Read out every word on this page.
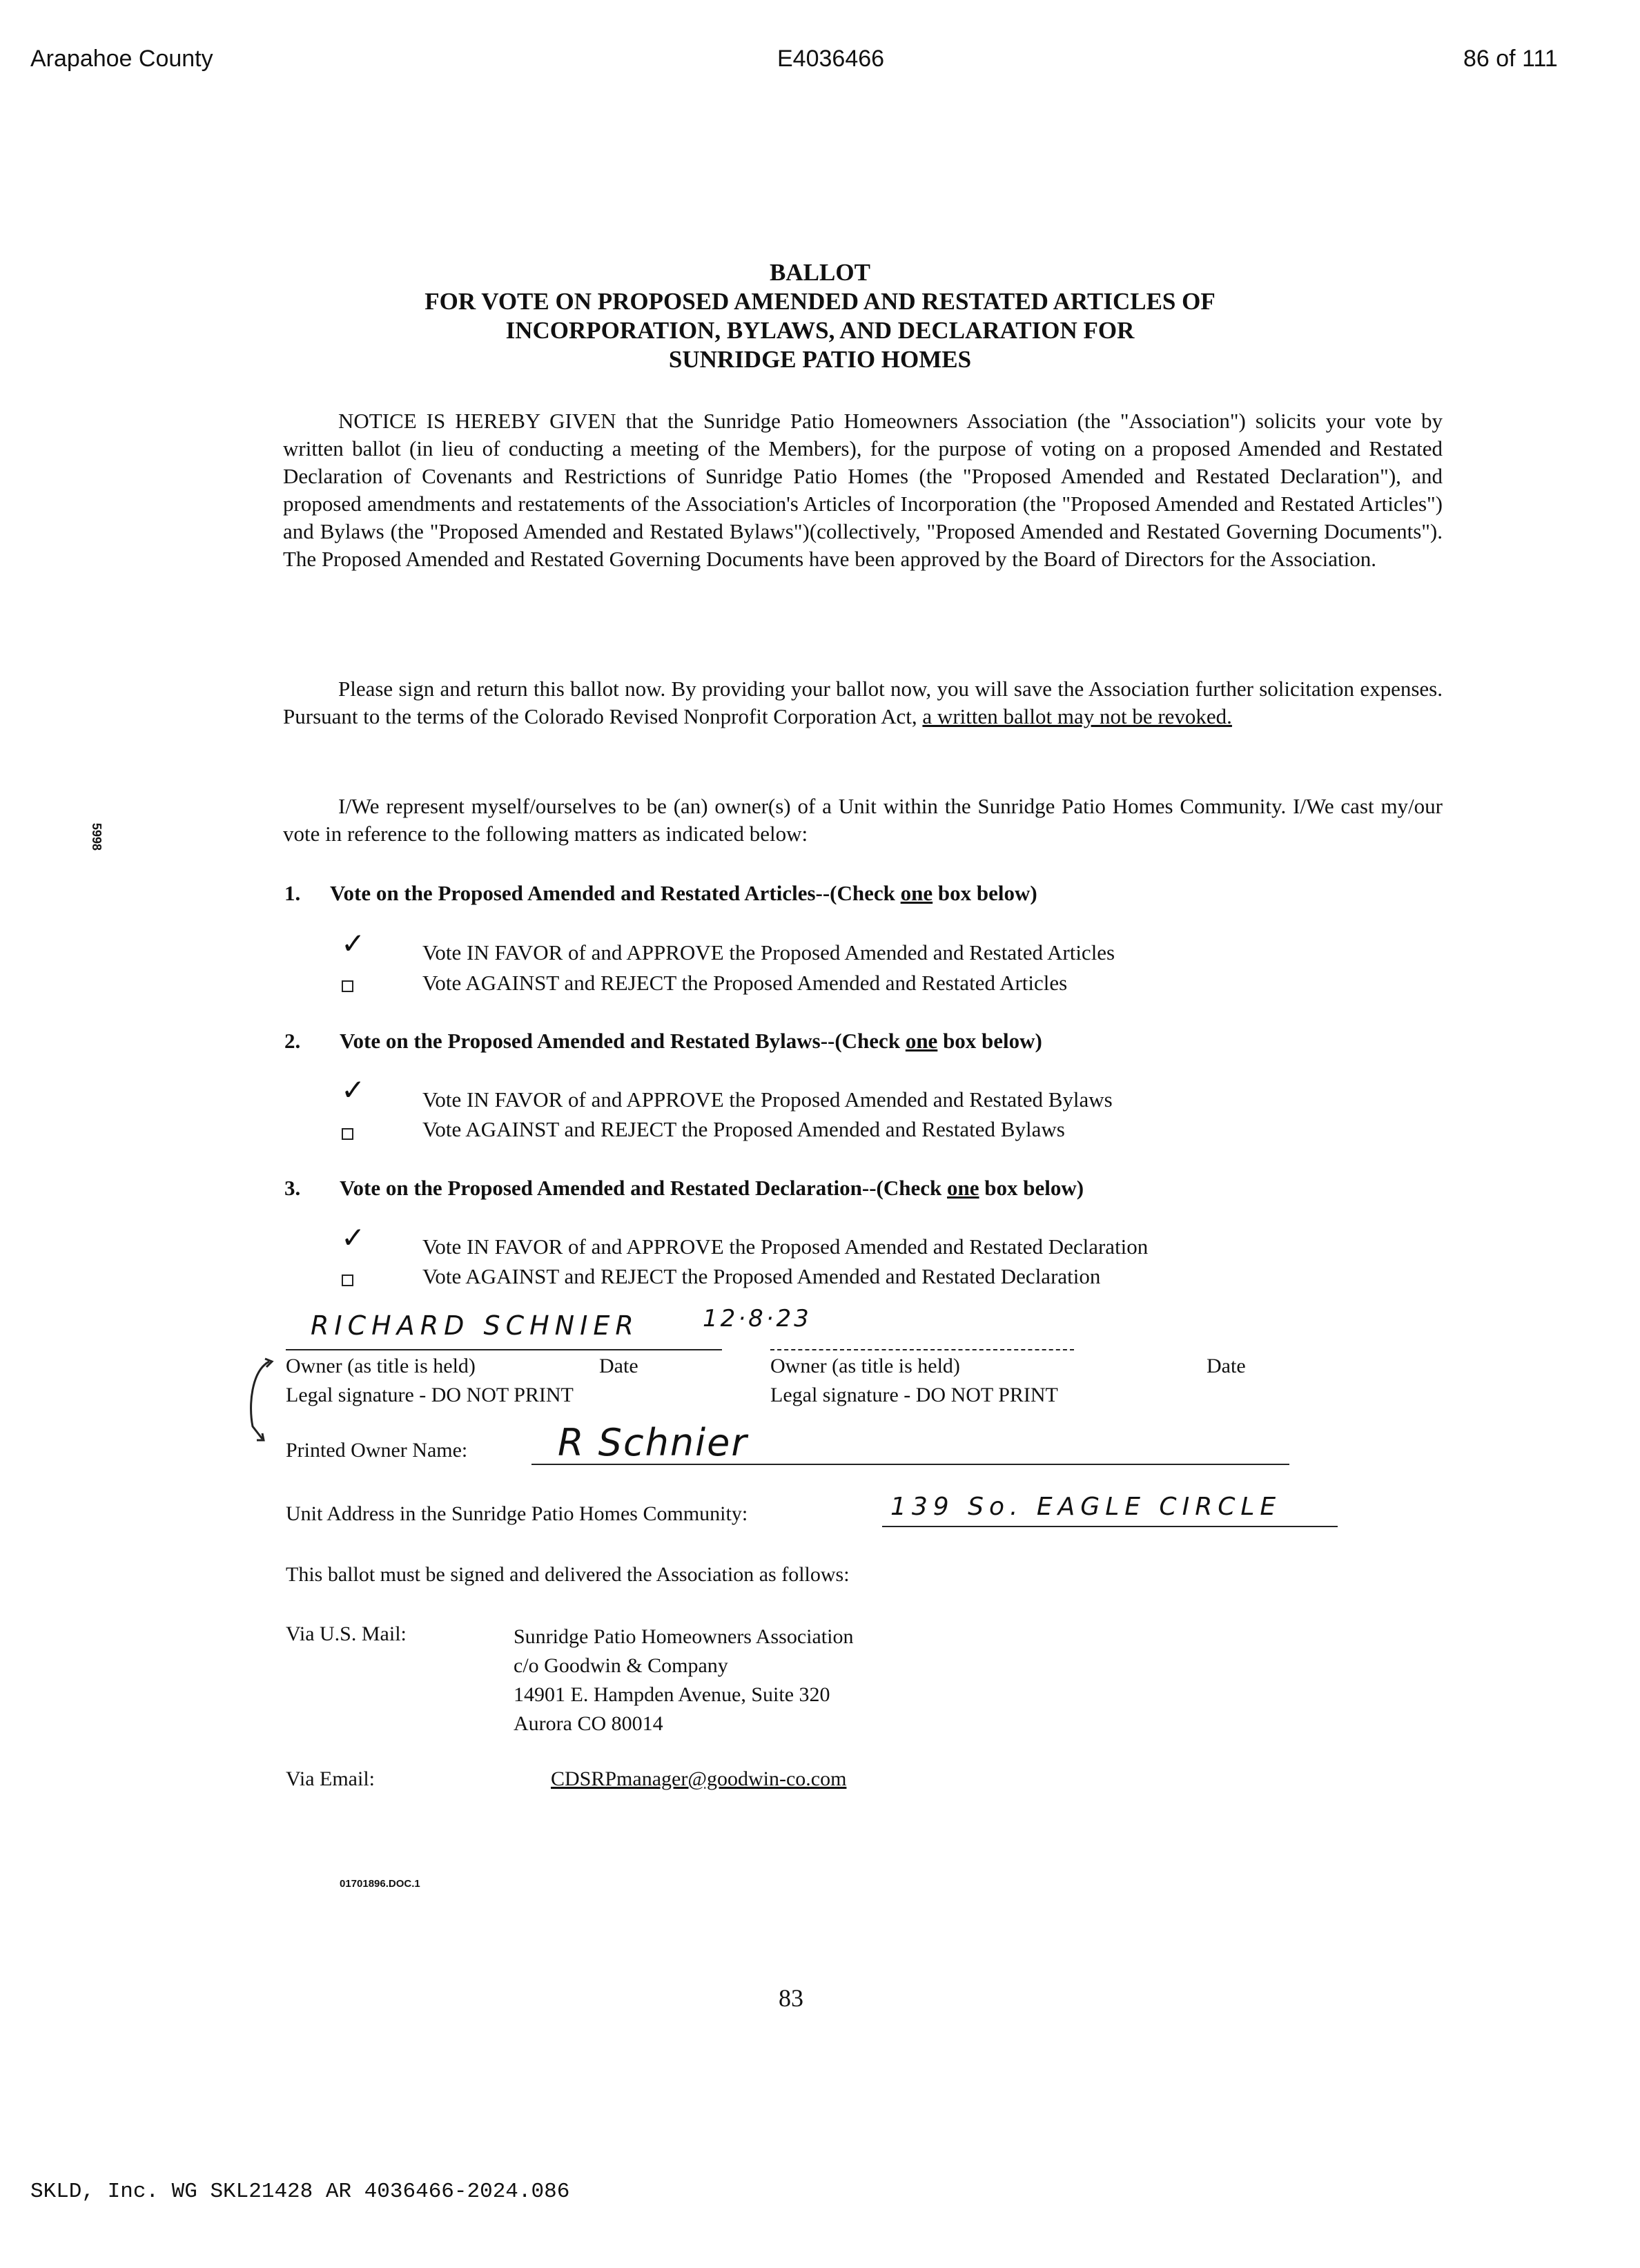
Arapahoe County	E4036466	86 of 111
BALLOT
FOR VOTE ON PROPOSED AMENDED AND RESTATED ARTICLES OF
INCORPORATION, BYLAWS, AND DECLARATION FOR
SUNRIDGE PATIO HOMES
NOTICE IS HEREBY GIVEN that the Sunridge Patio Homeowners Association (the "Association") solicits your vote by written ballot (in lieu of conducting a meeting of the Members), for the purpose of voting on a proposed Amended and Restated Declaration of Covenants and Restrictions of Sunridge Patio Homes (the "Proposed Amended and Restated Declaration"), and proposed amendments and restatements of the Association's Articles of Incorporation (the "Proposed Amended and Restated Articles") and Bylaws (the "Proposed Amended and Restated Bylaws")(collectively, "Proposed Amended and Restated Governing Documents"). The Proposed Amended and Restated Governing Documents have been approved by the Board of Directors for the Association.
Please sign and return this ballot now. By providing your ballot now, you will save the Association further solicitation expenses. Pursuant to the terms of the Colorado Revised Nonprofit Corporation Act, a written ballot may not be revoked.
I/We represent myself/ourselves to be (an) owner(s) of a Unit within the Sunridge Patio Homes Community. I/We cast my/our vote in reference to the following matters as indicated below:
5998
1. Vote on the Proposed Amended and Restated Articles--(Check one box below)
✓	Vote IN FAVOR of and APPROVE the Proposed Amended and Restated Articles
Vote AGAINST and REJECT the Proposed Amended and Restated Articles
2. Vote on the Proposed Amended and Restated Bylaws--(Check one box below)
✓	Vote IN FAVOR of and APPROVE the Proposed Amended and Restated Bylaws
Vote AGAINST and REJECT the Proposed Amended and Restated Bylaws
3. Vote on the Proposed Amended and Restated Declaration--(Check one box below)
✓	Vote IN FAVOR of and APPROVE the Proposed Amended and Restated Declaration
Vote AGAINST and REJECT the Proposed Amended and Restated Declaration
RICHARD SCHNIER	12·8·23
Owner (as title is held)	Date	Owner (as title is held)	Date
Legal signature - DO NOT PRINT	Legal signature - DO NOT PRINT
Printed Owner Name: R Schnier
Unit Address in the Sunridge Patio Homes Community:	139 So. EAGLE CIRCLE
This ballot must be signed and delivered the Association as follows:
Via U.S. Mail:	Sunridge Patio Homeowners Association
c/o Goodwin & Company
14901 E. Hampden Avenue, Suite 320
Aurora CO 80014
Via Email:	CDSRPmanager@goodwin-co.com
01701896.DOC.1
83
SKLD, Inc. WG SKL21428 AR 4036466-2024.086
